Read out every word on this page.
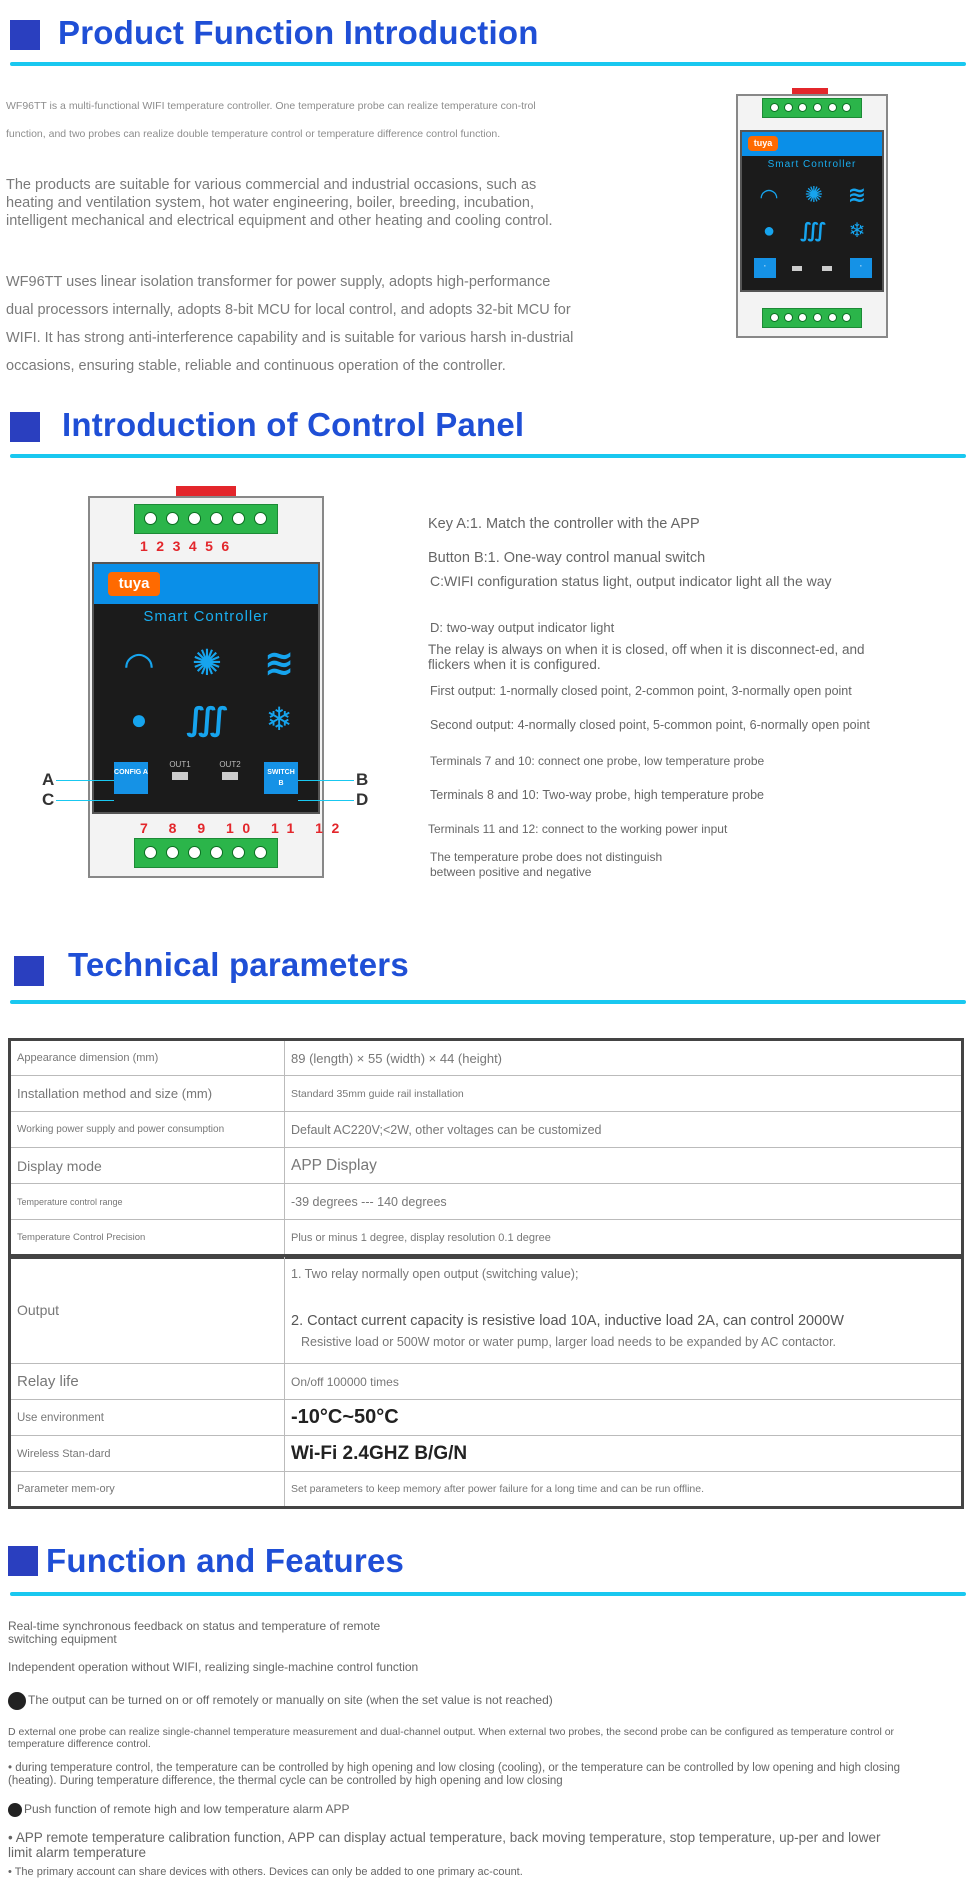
Product Function Introduction
WF96TT is a multi-functional WIFI temperature controller. One temperature probe can realize temperature con-trol function, and two probes can realize double temperature control or temperature difference control function.
The products are suitable for various commercial and industrial occasions, such as heating and ventilation system, hot water engineering, boiler, breeding, incubation, intelligent mechanical and electrical equipment and other heating and cooling control.
WF96TT uses linear isolation transformer for power supply, adopts high-performance dual processors internally, adopts 8-bit MCU for local control, and adopts 32-bit MCU for WIFI. It has strong anti-interference capability and is suitable for various harsh in-dustrial occasions, ensuring stable, reliable and continuous operation of the controller.
tuya
Smart Controller
◠ ✺ ≋
●	∭	❄
▪	▪
Introduction of Control Panel
123456
tuya
Smart Controller
◠	✺ ≋
●	∭	❄
CONFIG A
OUT1	OUT2
SWITCH B
7 8 9 10 11 12
A
C
B
D
Key A:1. Match the controller with the APP
Button B:1. One-way control manual switch
C:WIFI configuration status light, output indicator light all the way
D: two-way output indicator light
The relay is always on when it is closed, off when it is disconnect-ed, and flickers when it is configured.
First output: 1-normally closed point, 2-common point, 3-normally open point
Second output: 4-normally closed point, 5-common point, 6-normally open point
Terminals 7 and 10: connect one probe, low temperature probe
Terminals 8 and 10: Two-way probe, high temperature probe
Terminals 11 and 12: connect to the working power input
The temperature probe does not distinguish between positive and negative
Technical parameters
Appearance dimension (mm)	89 (length) × 55 (width) × 44 (height)
Installation method and size (mm)	Standard 35mm guide rail installation
Working power supply and power consumption	Default AC220V;<2W, other voltages can be customized
Display mode	APP Display
Temperature control range	-39 degrees --- 140 degrees
Temperature Control Precision	Plus or minus 1 degree, display resolution 0.1 degree
Output	1. Two relay normally open output (switching value);
2. Contact current capacity is resistive load 10A, inductive load 2A, can control 2000W
Resistive load or 500W motor or water pump, larger load needs to be expanded by AC contactor.

Relay life	On/off 100000 times
Use environment	-10°C~50°C
Wireless Stan-dard	Wi-Fi 2.4GHZ B/G/N
Parameter mem-ory	Set parameters to keep memory after power failure for a long time and can be run offline.
Function and Features
Real-time synchronous feedback on status and temperature of remote switching equipment
Independent operation without WIFI, realizing single-machine control function
The output can be turned on or off remotely or manually on site (when the set value is not reached)
D external one probe can realize single-channel temperature measurement and dual-channel output. When external two probes, the second probe can be configured as temperature control or temperature difference control.
• during temperature control, the temperature can be controlled by high opening and low closing (cooling), or the temperature can be controlled by low opening and high closing (heating). During temperature difference, the thermal cycle can be controlled by high opening and low closing
Push function of remote high and low temperature alarm APP
• APP remote temperature calibration function, APP can display actual temperature, back moving temperature, stop temperature, up-per and lower limit alarm temperature
• The primary account can share devices with others. Devices can only be added to one primary ac-count.
